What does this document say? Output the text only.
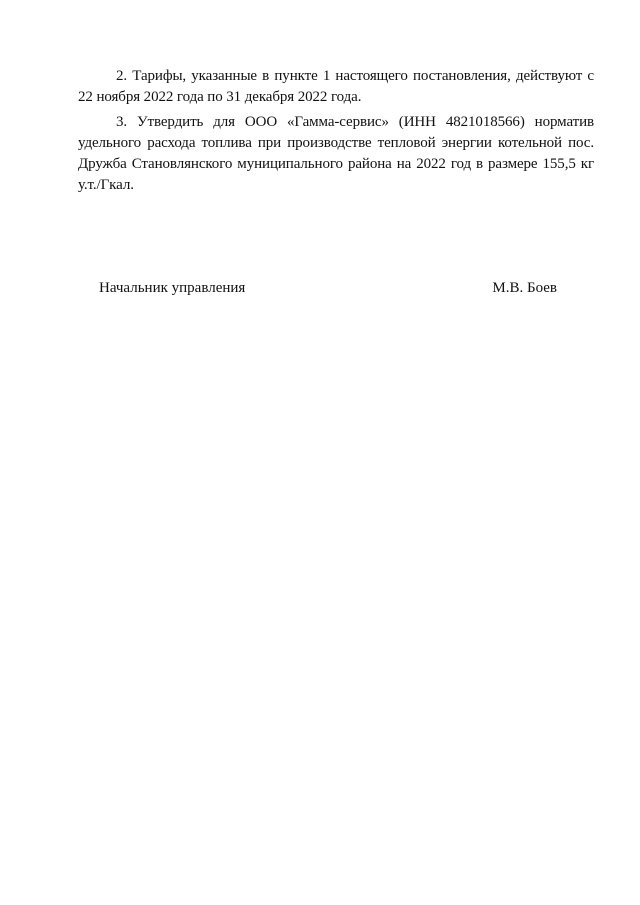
2. Тарифы, указанные в пункте 1 настоящего постановления, действуют с 22 ноября 2022 года по 31 декабря 2022 года.

3. Утвердить для ООО «Гамма-сервис» (ИНН 4821018566) норматив удельного расхода топлива при производстве тепловой энергии котельной пос. Дружба Становлянского муниципального района на 2022 год в размере 155,5 кг у.т./Гкал.

Начальник управления	М.В. Боев
